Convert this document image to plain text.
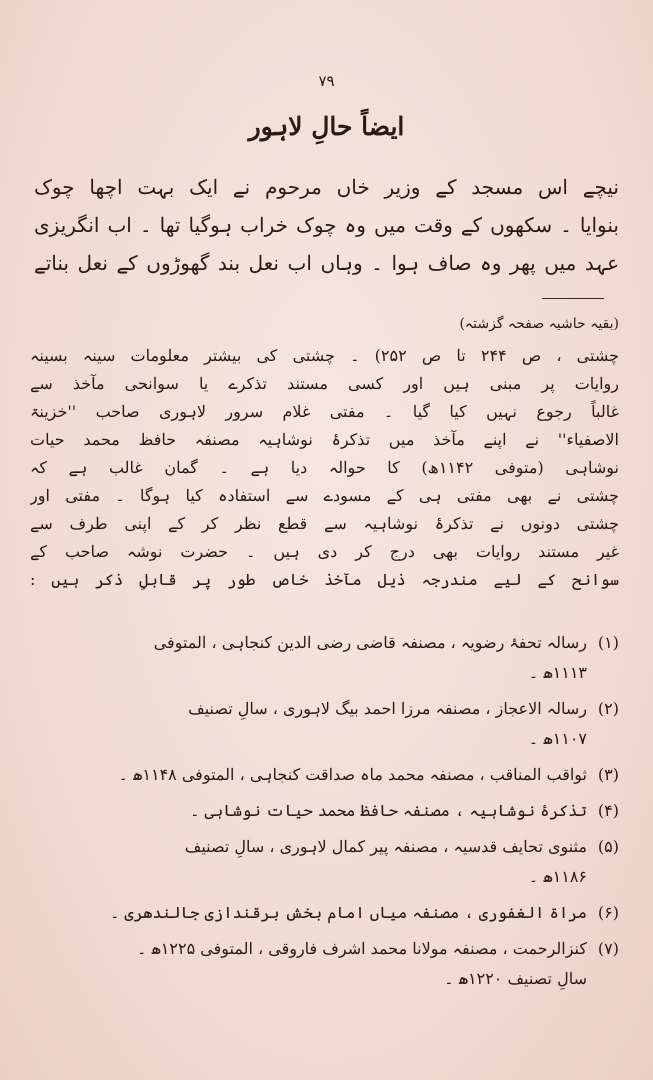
۷۹
ایضاً حالِ لاہور
نیچے اس مسجد کے وزیر خاں مرحوم نے ایک بہت اچھا چوک
بنوایا ۔ سکھوں کے وقت میں وہ چوک خراب ہوگیا تھا ۔ اب انگریزی
عہد میں پھر وہ صاف ہوا ۔ وہاں اب نعل بند گھوڑوں کے نعل بناتے
(بقیہ حاشیہ صفحہ گزشتہ)
چشتی ، ص ۲۴۴ تا ص ۲۵۲) ۔ چشتی کی بیشتر معلومات سینہ بسینہ
روایات پر مبنی ہیں اور کسی مستند تذکرے یا سوانحی مآخذ سے
غالباً رجوع نہیں کیا گیا ۔ مفتی غلام سرور لاہوری صاحب ''خزینۃ
الاصفیاء'' نے اپنے مآخذ میں تذکرۂ نوشاہیہ مصنفہ حافظ محمد حیات
نوشاہی (متوفی ۱۱۴۲ھ) کا حوالہ دیا ہے ۔ گمان غالب ہے کہ
چشتی نے بھی مفتی ہی کے مسودے سے استفادہ کیا ہوگا ۔ مفتی اور
چشتی دونوں نے تذکرۂ نوشاہیہ سے قطع نظر کر کے اپنی طرف سے
غیر مستند روایات بھی درج کر دی ہیں ۔ حضرت نوشہ صاحب کے
سوانح کے لیے مندرجہ ذیل مآخذ خاص طور پر قابلِ ذکر ہیں :
(۱)
رسالہ تحفۂ رضویہ ، مصنفہ قاضی رضی الدین کنجاہی ، المتوفی
۱۱۱۳ھ ۔
(۲)
رسالہ الاعجاز ، مصنفہ مرزا احمد بیگ لاہوری ، سالِ تصنیف
۱۱۰۷ھ ۔
(۳)
ثواقب المناقب ، مصنفہ محمد ماہ صداقت کنجاہی ، المتوفی ۱۱۴۸ھ ۔
(۴)
تذکرۂ نوشاہیہ ، مصنفہ حافظ محمد حیات نوشاہی ۔
(۵)
مثنوی تحایف قدسیہ ، مصنفہ پیر کمال لاہوری ، سالِ تصنیف
۱۱۸۶ھ ۔
(۶)
مراۃ الغفوری ، مصنفہ میاں امام بخش برقندازی جالندھری ۔
(۷)
کنزالرحمت ، مصنفہ مولانا محمد اشرف فاروقی ، المتوفی ۱۲۲۵ھ ۔
سالِ تصنیف ۱۲۲۰ھ ۔
